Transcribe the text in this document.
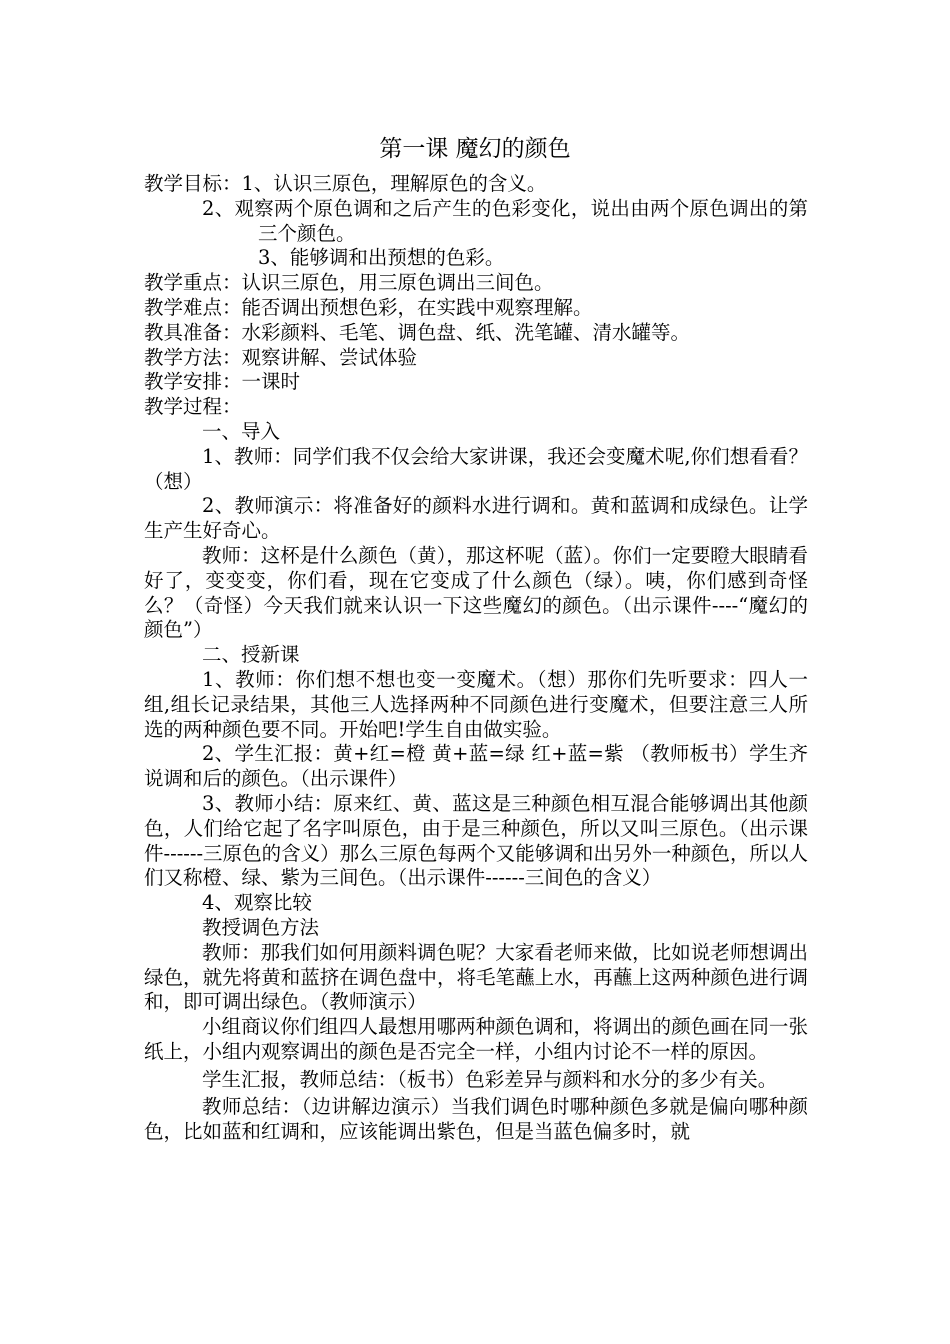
第一课 魔幻的颜色

教学目标：1、认识三原色，理解原色的含义。

2、观察两个原色调和之后产生的色彩变化，说出由两个原色调出的第三个颜色。

3、能够调和出预想的色彩。

教学重点：认识三原色，用三原色调出三间色。

教学难点：能否调出预想色彩，在实践中观察理解。

教具准备：水彩颜料、毛笔、调色盘、纸、洗笔罐、清水罐等。

教学方法：观察讲解、尝试体验

教学安排：一课时

教学过程：

一、导入

1、教师：同学们我不仅会给大家讲课，我还会变魔术呢,你们想看看？（想）

2、教师演示：将准备好的颜料水进行调和。黄和蓝调和成绿色。让学生产生好奇心。

教师：这杯是什么颜色（黄），那这杯呢（蓝）。你们一定要瞪大眼睛看好了，变变变，你们看，现在它变成了什么颜色（绿）。咦，你们感到奇怪么？（奇怪）今天我们就来认识一下这些魔幻的颜色。（出示课件----“魔幻的颜色”）

二、授新课

1、教师：你们想不想也变一变魔术。（想）那你们先听要求：四人一组,组长记录结果，其他三人选择两种不同颜色进行变魔术，但要注意三人所选的两种颜色要不同。开始吧!学生自由做实验。

2、学生汇报：黄+红=橙 黄+蓝=绿 红+蓝=紫 （教师板书）学生齐说调和后的颜色。（出示课件）

3、教师小结：原来红、黄、蓝这是三种颜色相互混合能够调出其他颜色，人们给它起了名字叫原色，由于是三种颜色，所以又叫三原色。（出示课件------三原色的含义）那么三原色每两个又能够调和出另外一种颜色，所以人们又称橙、绿、紫为三间色。（出示课件------三间色的含义）

4、观察比较

教授调色方法

教师：那我们如何用颜料调色呢？大家看老师来做，比如说老师想调出绿色，就先将黄和蓝挤在调色盘中，将毛笔蘸上水，再蘸上这两种颜色进行调和，即可调出绿色。（教师演示）

小组商议你们组四人最想用哪两种颜色调和，将调出的颜色画在同一张纸上，小组内观察调出的颜色是否完全一样，小组内讨论不一样的原因。

学生汇报，教师总结：（板书）色彩差异与颜料和水分的多少有关。

教师总结：（边讲解边演示）当我们调色时哪种颜色多就是偏向哪种颜色，比如蓝和红调和，应该能调出紫色，但是当蓝色偏多时，就
